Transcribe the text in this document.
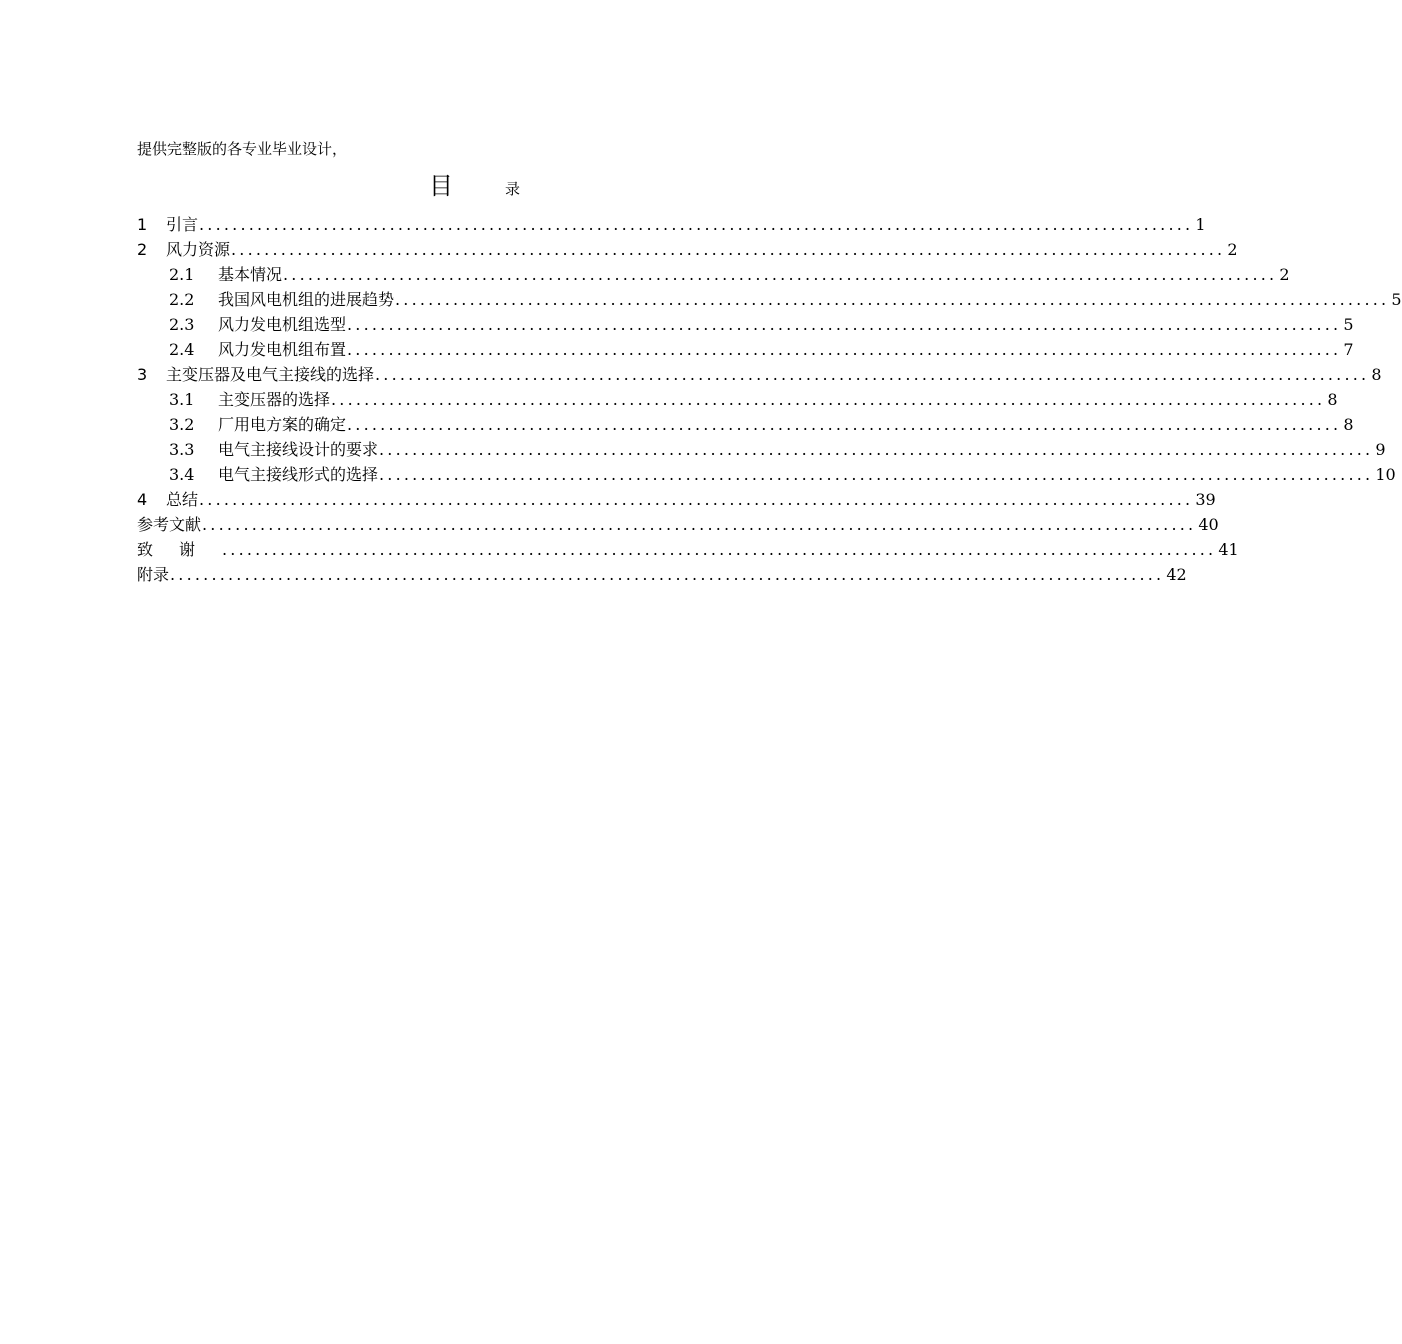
提供完整版的各专业毕业设计，
目	录
1	引言 ........................................................................................................................ 1
2	风力资源 ........................................................................................................................ 2
2.1	基本情况 ........................................................................................................................ 2
2.2	我国风电机组的进展趋势 ........................................................................................................................ 5
2.3	风力发电机组选型 ........................................................................................................................ 5
2.4	风力发电机组布置 ........................................................................................................................ 7
3	主变压器及电气主接线的选择 ........................................................................................................................ 8
3.1	主变压器的选择 ........................................................................................................................ 8
3.2	厂用电方案的确定 ........................................................................................................................ 8
3.3	电气主接线设计的要求 ........................................................................................................................ 9
3.4	电气主接线形式的选择 ........................................................................................................................ 10
4	总结 ........................................................................................................................ 39
参考文献 ........................................................................................................................ 40
致谢 ........................................................................................................................ 41
附录 ........................................................................................................................ 42
